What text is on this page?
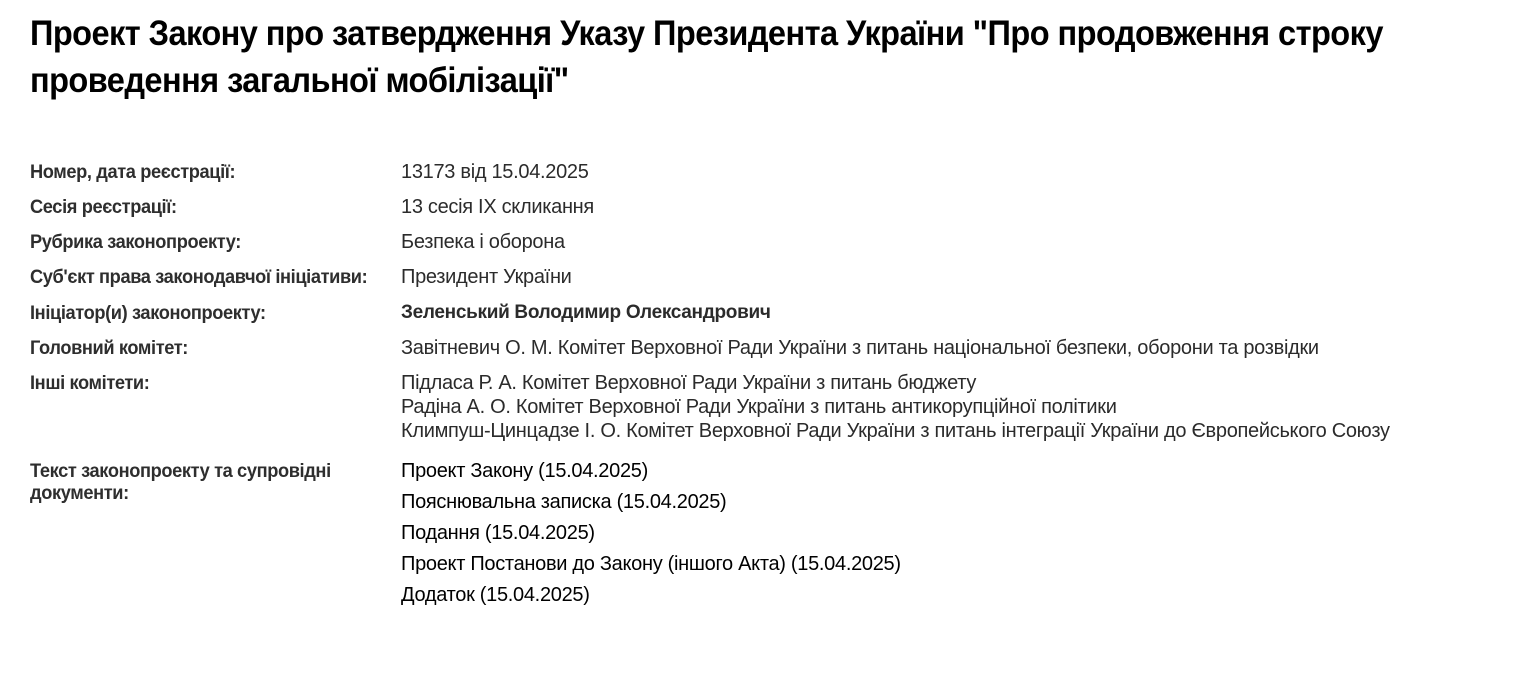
Проект Закону про затвердження Указу Президента України "Про продовження строку проведення загальної мобілізації"
Номер, дата реєстрації:	13173 від 15.04.2025
Сесія реєстрації:	13 сесія IX скликання
Рубрика законопроекту:	Безпека і оборона
Суб'єкт права законодавчої ініціативи:	Президент України
Ініціатор(и) законопроекту:	Зеленський Володимир Олександрович
Головний комітет:	Завітневич О. М. Комітет Верховної Ради України з питань національної безпеки, оборони та розвідки
Інші комітети:	Підласа Р. А. Комітет Верховної Ради України з питань бюджету
Радіна А. О. Комітет Верховної Ради України з питань антикорупційної політики
Климпуш-Цинцадзе І. О. Комітет Верховної Ради України з питань інтеграції України до Європейського Союзу
Текст законопроекту та супровідні документи:
Проект Закону (15.04.2025)
Пояснювальна записка (15.04.2025)
Подання (15.04.2025)
Проект Постанови до Закону (іншого Акта) (15.04.2025)
Додаток (15.04.2025)
